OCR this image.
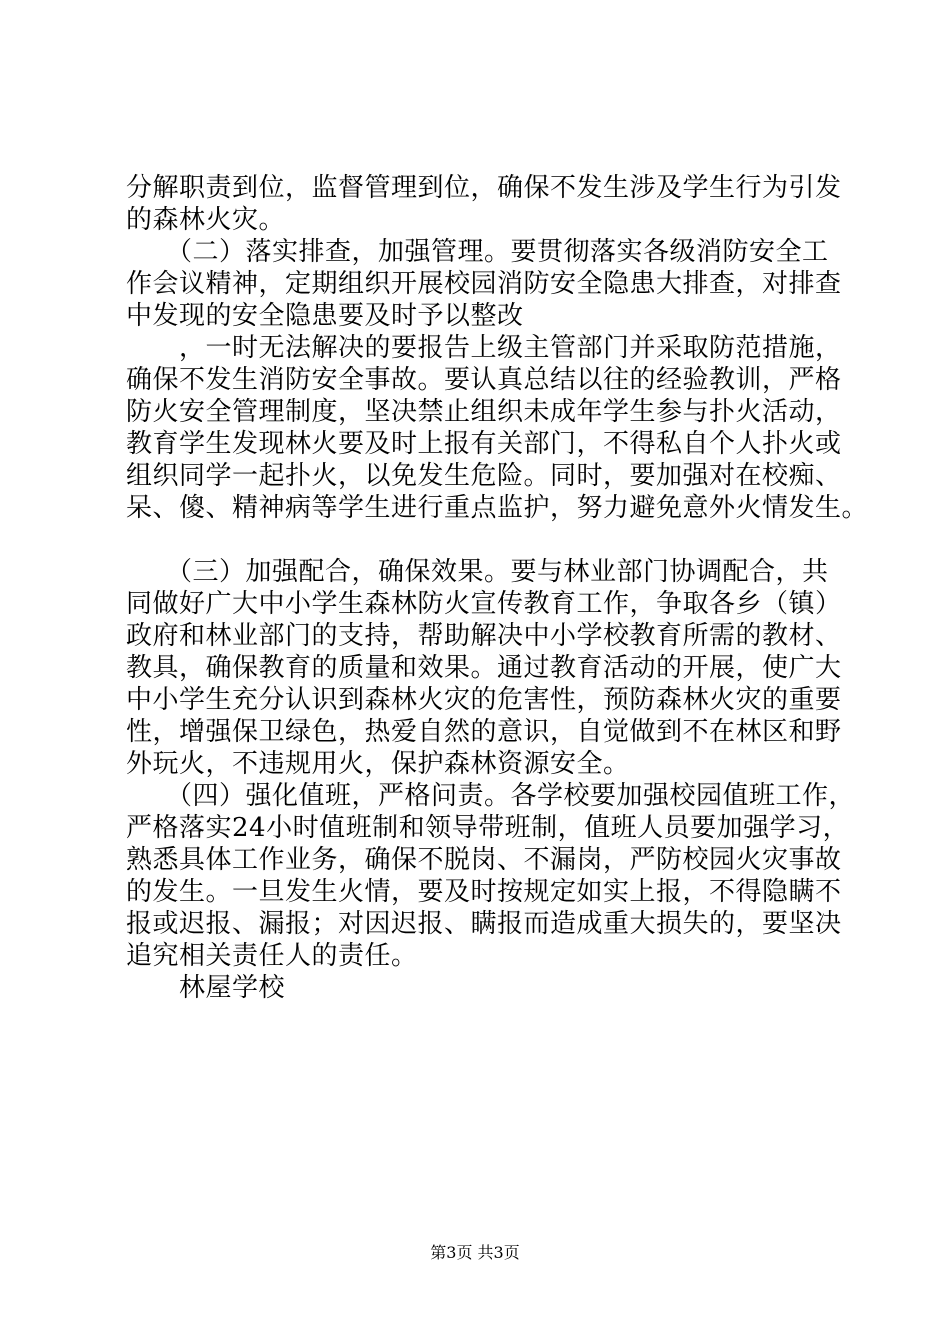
分解职责到位，监督管理到位，确保不发生涉及学生行为引发
的森林火灾。
　　（二）落实排查，加强管理。要贯彻落实各级消防安全工
作会议精神，定期组织开展校园消防安全隐患大排查，对排查
中发现的安全隐患要及时予以整改
　　，一时无法解决的要报告上级主管部门并采取防范措施，
确保不发生消防安全事故。要认真总结以往的经验教训，严格
防火安全管理制度，坚决禁止组织未成年学生参与扑火活动，
教育学生发现林火要及时上报有关部门，不得私自个人扑火或
组织同学一起扑火，以免发生危险。同时，要加强对在校痴、
呆、傻、精神病等学生进行重点监护，努力避免意外火情发生。
　　（三）加强配合，确保效果。要与林业部门协调配合，共
同做好广大中小学生森林防火宣传教育工作，争取各乡（镇）
政府和林业部门的支持，帮助解决中小学校教育所需的教材、
教具，确保教育的质量和效果。通过教育活动的开展，使广大
中小学生充分认识到森林火灾的危害性，预防森林火灾的重要
性，增强保卫绿色，热爱自然的意识，自觉做到不在林区和野
外玩火，不违规用火，保护森林资源安全。
　　（四）强化值班，严格问责。各学校要加强校园值班工作，
严格落实24小时值班制和领导带班制，值班人员要加强学习，
熟悉具体工作业务，确保不脱岗、不漏岗，严防校园火灾事故
的发生。一旦发生火情，要及时按规定如实上报，不得隐瞒不
报或迟报、漏报；对因迟报、瞒报而造成重大损失的，要坚决
追究相关责任人的责任。
　　林屋学校
第3页 共3页
